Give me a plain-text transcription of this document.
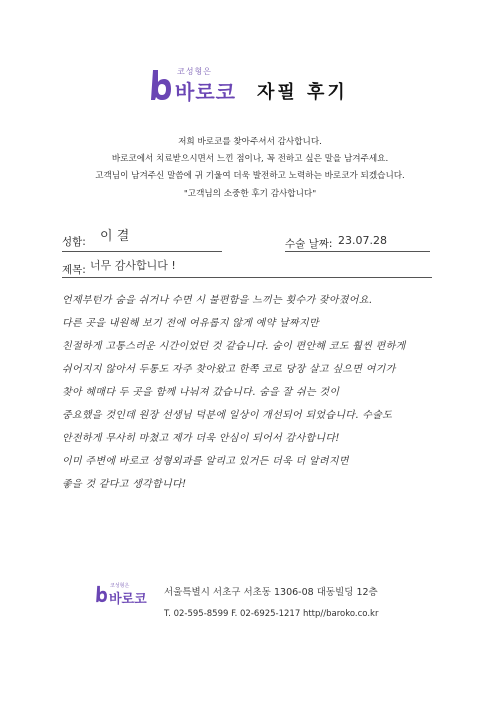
코성형은
바로코 자필 후기
저희 바로코를 찾아주셔서 감사합니다.
바로코에서 치료받으시면서 느낀 점이나, 꼭 전하고 싶은 말을 남겨주세요.
고객님이 남겨주신 말씀에 귀 기울여 더욱 발전하고 노력하는 바로코가 되겠습니다.
"고객님의 소중한 후기 감사합니다"
성함: 이 결	수술 날짜: 23.07.28
제목: 너무 감사합니다 !
언제부턴가 숨을 쉬거나 수면 시 불편함을 느끼는 횟수가 잦아졌어요.
다른 곳을 내원해 보기 전에 여유롭지 않게 예약 날짜지만
친절하게 고통스러운 시간이었던 것 같습니다. 숨이 편안해 코도 훨씬 편하게
쉬어지지 않아서 두통도 자주 찾아왔고 한쪽 코로 당장 살고 싶으면 여기가
찾아 헤매다 두 곳을 함께 나눠져 갔습니다. 숨을 잘 쉬는 것이
중요했을 것인데 원장 선생님 덕분에 일상이 개선되어 되었습니다. 수술도
안전하게 무사히 마쳤고 제가 더욱 안심이 되어서 감사합니다!
이미 주변에 바로코 성형외과를 알리고 있거든 더욱 더 알려지면
좋을 것 같다고 생각합니다!
코성형은
바로코 서울특별시 서초구 서초동 1306-08 대동빌딩 12층
T. 02-595-8599 F. 02-6925-1217 http//baroko.co.kr
